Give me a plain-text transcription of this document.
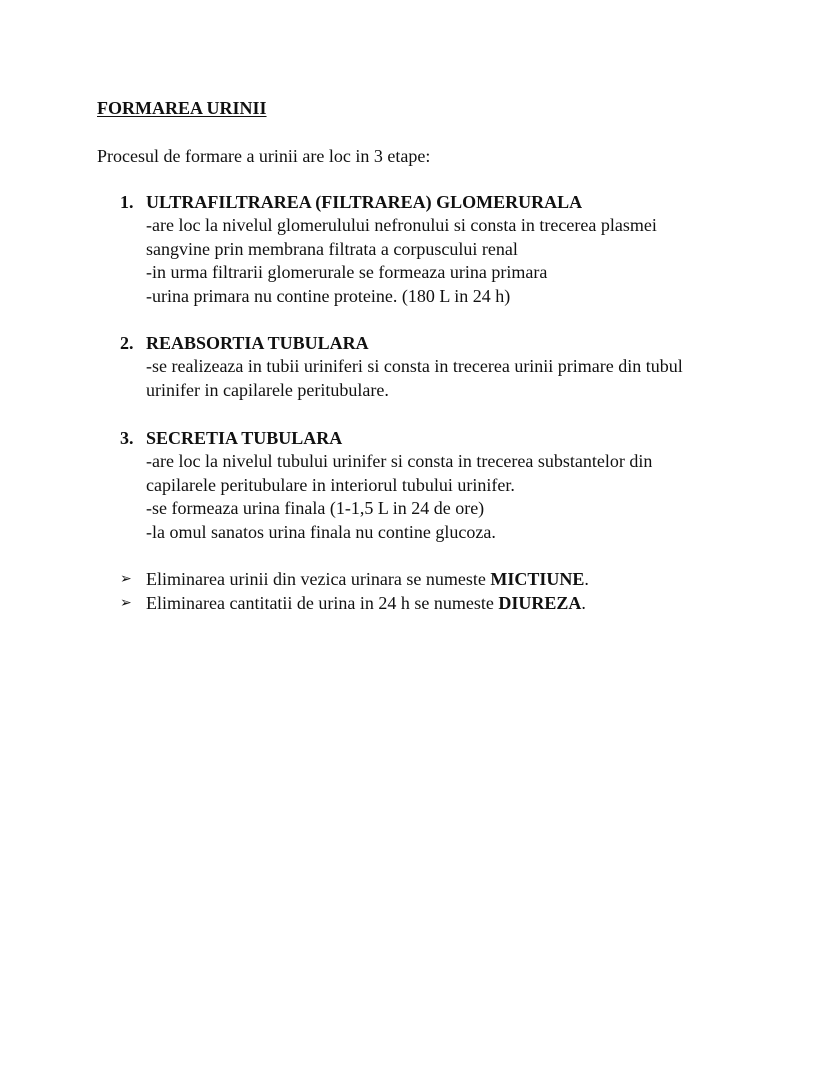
FORMAREA URINII

Procesul de formare a urinii are loc in 3 etape:

1. ULTRAFILTRAREA (FILTRAREA) GLOMERURALA
-are loc la nivelul glomerulului nefronului si consta in trecerea plasmei
sangvine prin membrana filtrata a corpuscului renal
-in urma filtrarii glomerurale se formeaza urina primara
-urina primara nu contine proteine. (180 L in 24 h)
2. REABSORTIA TUBULARA
-se realizeaza in tubii uriniferi si consta in trecerea urinii primare din tubul
urinifer in capilarele peritubulare.
3. SECRETIA TUBULARA
-are loc la nivelul tubului urinifer si consta in trecerea substantelor din
capilarele peritubulare in interiorul tubului urinifer.
-se formeaza urina finala (1-1,5 L in 24 de ore)
-la omul sanatos urina finala nu contine glucoza.
➢ Eliminarea urinii din vezica urinara se numeste MICTIUNE.
➢ Eliminarea cantitatii de urina in 24 h se numeste DIUREZA.
